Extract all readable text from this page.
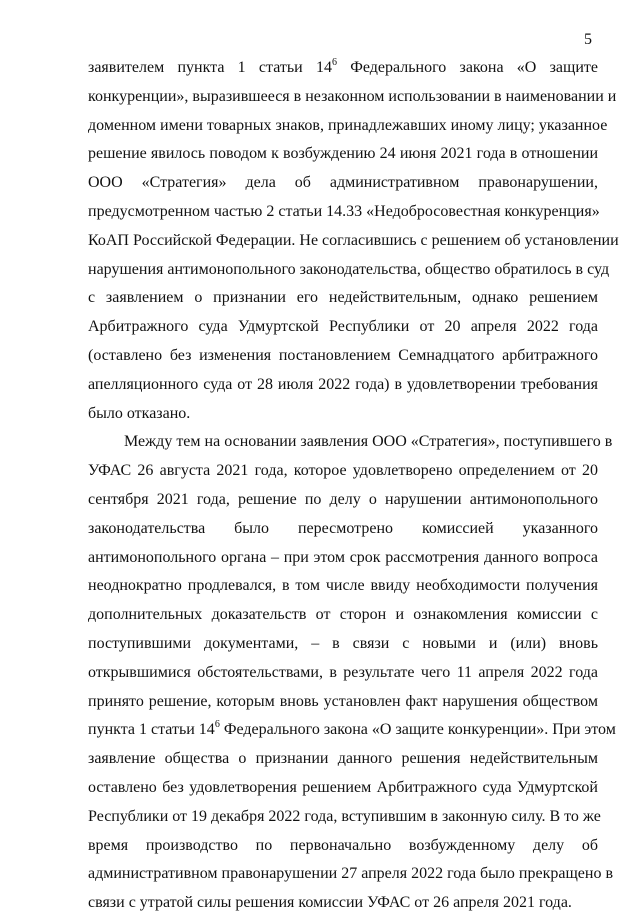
5
заявителем пункта 1 статьи $14^6$ Федерального закона «О защите
конкуренции», выразившееся в незаконном использовании в наименовании и
доменном имени товарных знаков, принадлежавших иному лицу; указанное
решение явилось поводом к возбуждению 24 июня 2021 года в отношении
ООО «Стратегия» дела об административном правонарушении,
предусмотренном частью 2 статьи 14.33 «Недобросовестная конкуренция»
КоАП Российской Федерации. Не согласившись с решением об установлении
нарушения антимонопольного законодательства, общество обратилось в суд
с заявлением о признании его недействительным, однако решением
Арбитражного суда Удмуртской Республики от 20 апреля 2022 года
(оставлено без изменения постановлением Семнадцатого арбитражного
апелляционного суда от 28 июля 2022 года) в удовлетворении требования
было отказано.
Между тем на основании заявления ООО «Стратегия», поступившего в
УФАС 26 августа 2021 года, которое удовлетворено определением от 20
сентября 2021 года, решение по делу о нарушении антимонопольного
законодательства было пересмотрено комиссией указанного
антимонопольного органа – при этом срок рассмотрения данного вопроса
неоднократно продлевался, в том числе ввиду необходимости получения
дополнительных доказательств от сторон и ознакомления комиссии с
поступившими документами, – в связи с новыми и (или) вновь
открывшимися обстоятельствами, в результате чего 11 апреля 2022 года
принято решение, которым вновь установлен факт нарушения обществом
пункта 1 статьи $14^6$ Федерального закона «О защите конкуренции». При этом
заявление общества о признании данного решения недействительным
оставлено без удовлетворения решением Арбитражного суда Удмуртской
Республики от 19 декабря 2022 года, вступившим в законную силу. В то же
время производство по первоначально возбужденному делу об
административном правонарушении 27 апреля 2022 года было прекращено в
связи с утратой силы решения комиссии УФАС от 26 апреля 2021 года.
